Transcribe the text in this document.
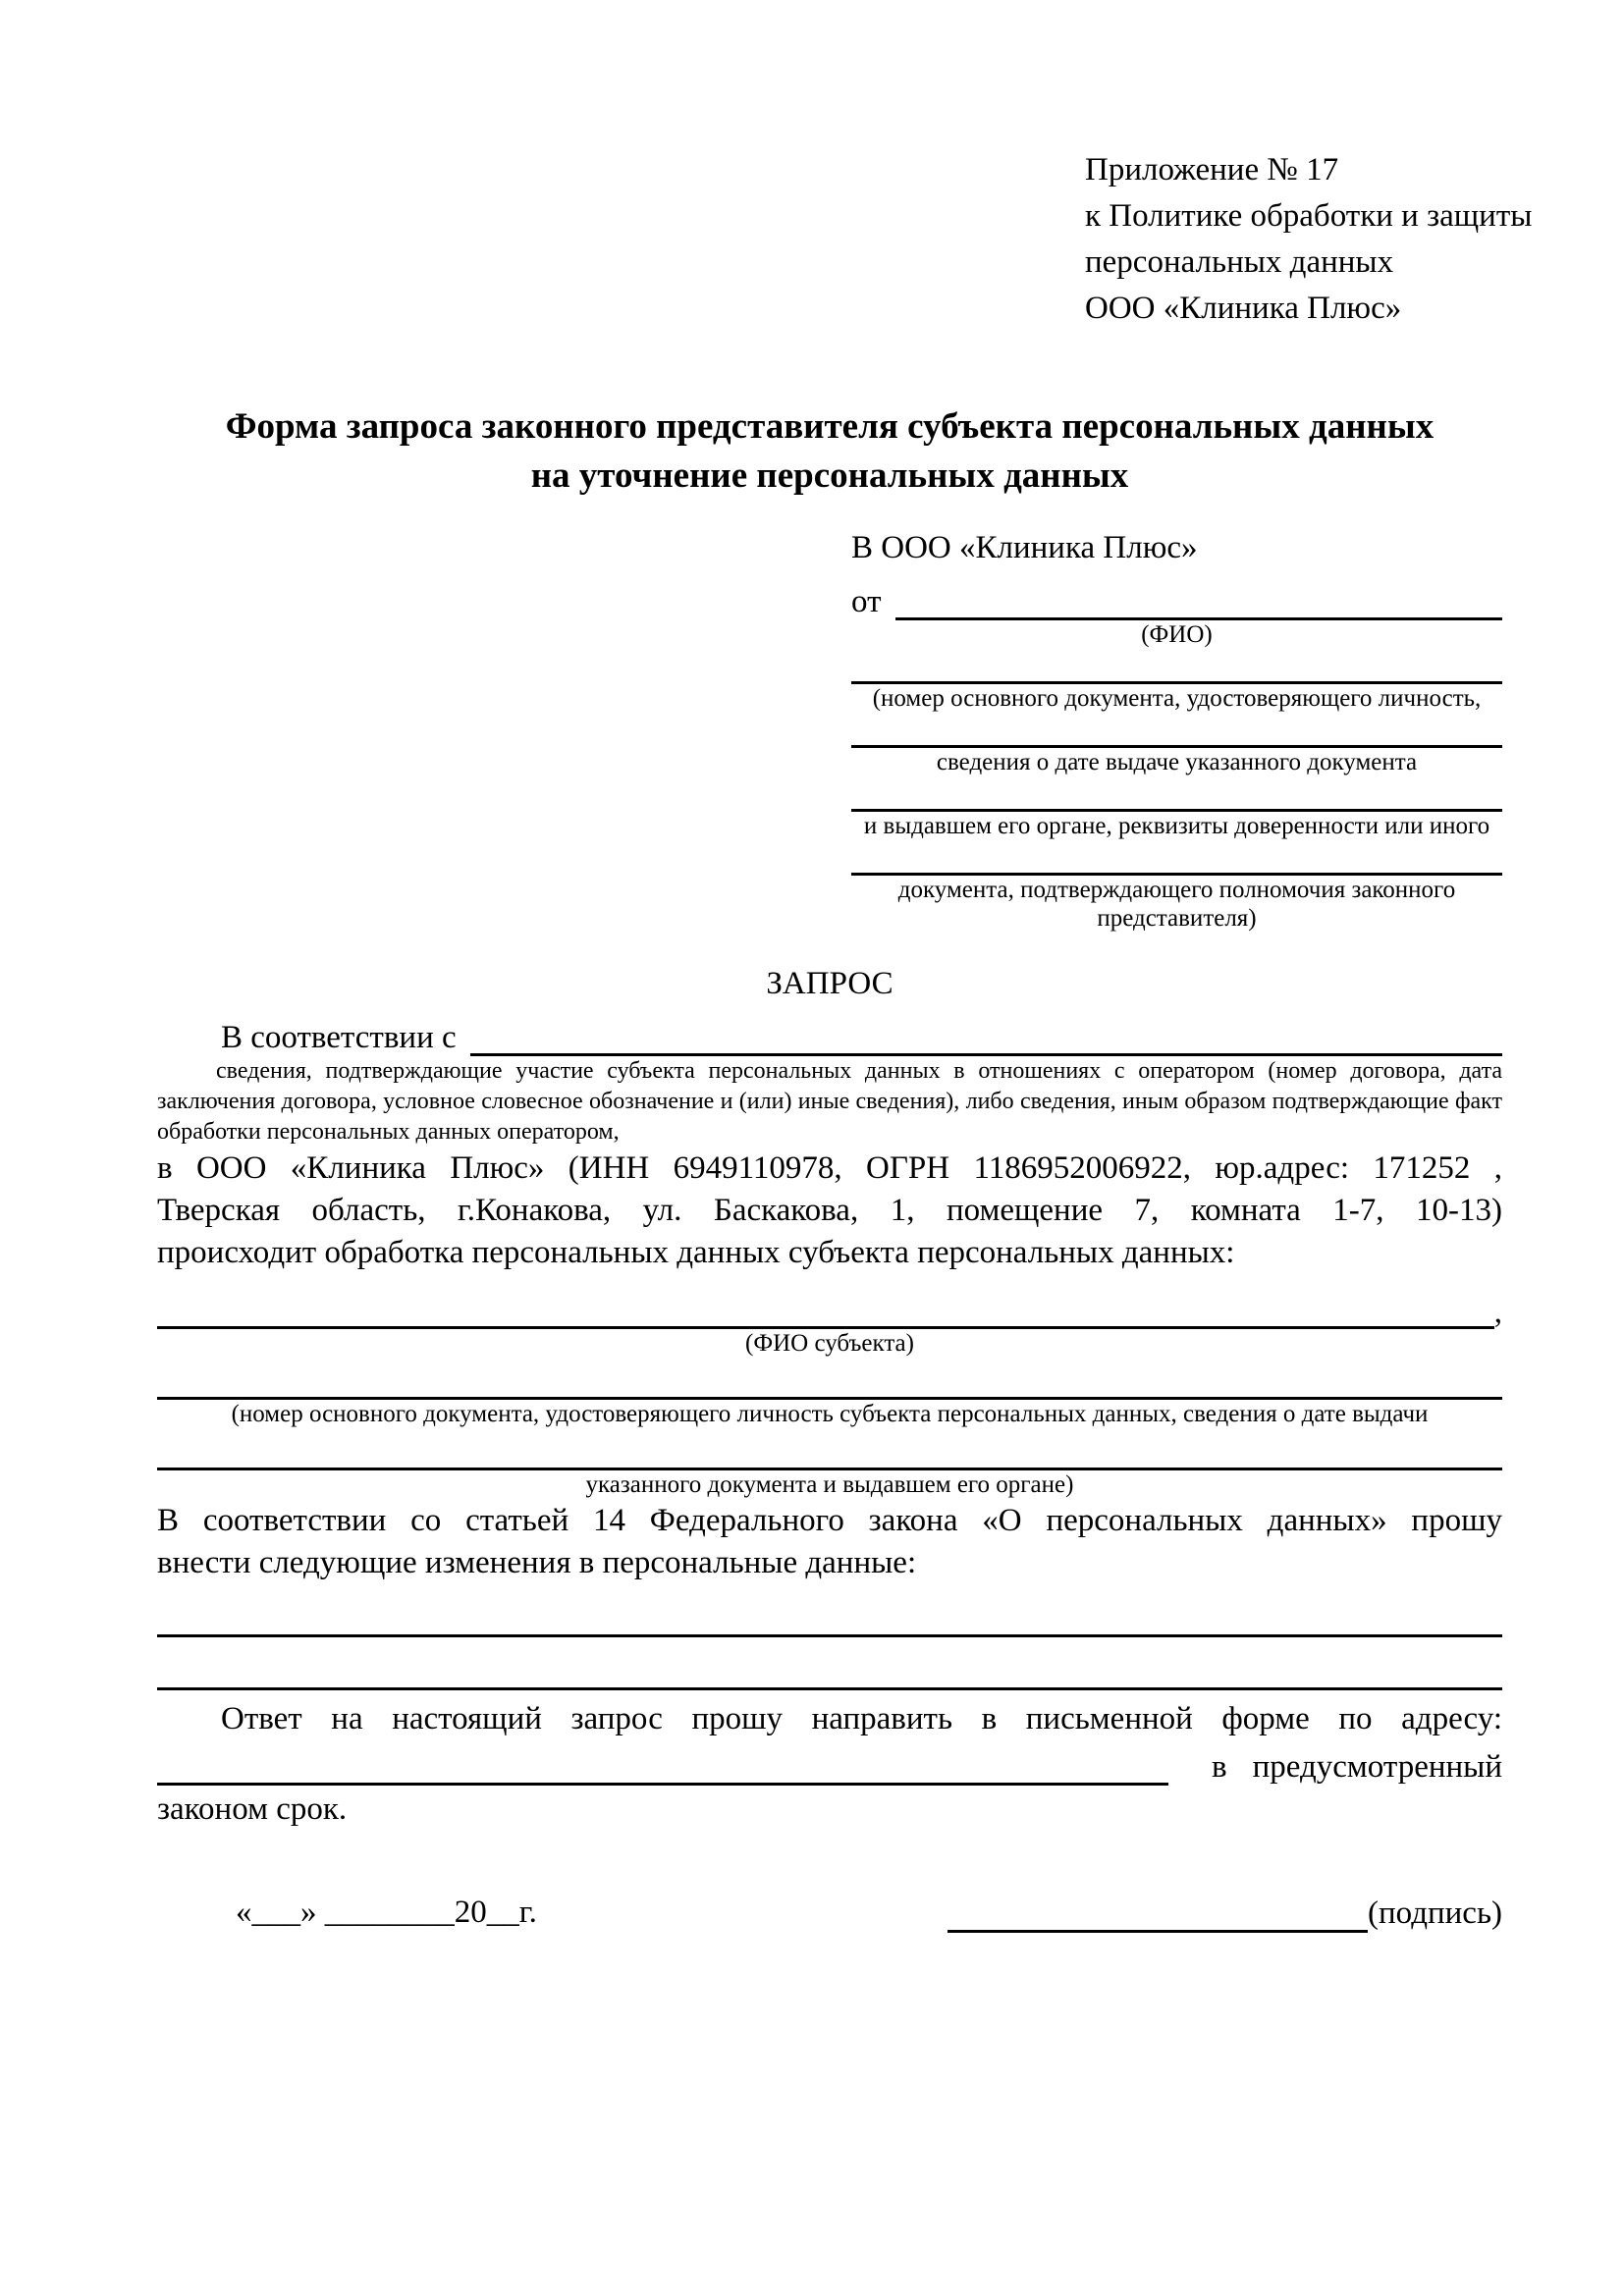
Приложение № 17
к Политике обработки и защиты
персональных данных
ООО «Клиника Плюс»
Форма запроса законного представителя субъекта персональных данных
на уточнение персональных данных
В ООО «Клиника Плюс»
от
(ФИО)
(номер основного документа, удостоверяющего личность,
сведения о дате выдаче указанного документа
и выдавшем его органе, реквизиты доверенности или иного
документа, подтверждающего полномочия законного представителя)
ЗАПРОС
В соответствии с
сведения, подтверждающие участие субъекта персональных данных в отношениях с оператором (номер договора, дата заключения договора, условное словесное обозначение и (или) иные сведения), либо сведения, иным образом подтверждающие факт обработки персональных данных оператором,
в ООО «Клиника Плюс» (ИНН 6949110978, ОГРН 1186952006922, юр.адрес: 171252 ,
Тверская область, г.Конакова, ул. Баскакова, 1, помещение 7, комната 1-7, 10-13)
происходит обработка персональных данных субъекта персональных данных:
,
(ФИО субъекта)
(номер основного документа, удостоверяющего личность субъекта персональных данных, сведения о дате выдачи
указанного документа и выдавшем его органе)
В соответствии со статьей 14 Федерального закона «О персональных данных» прошу
внести следующие изменения в персональные данные:
Ответ на настоящий запрос прошу направить в письменной форме по адресу:
в предусмотренный
законом срок.
«___» ________20__г.	(подпись)
